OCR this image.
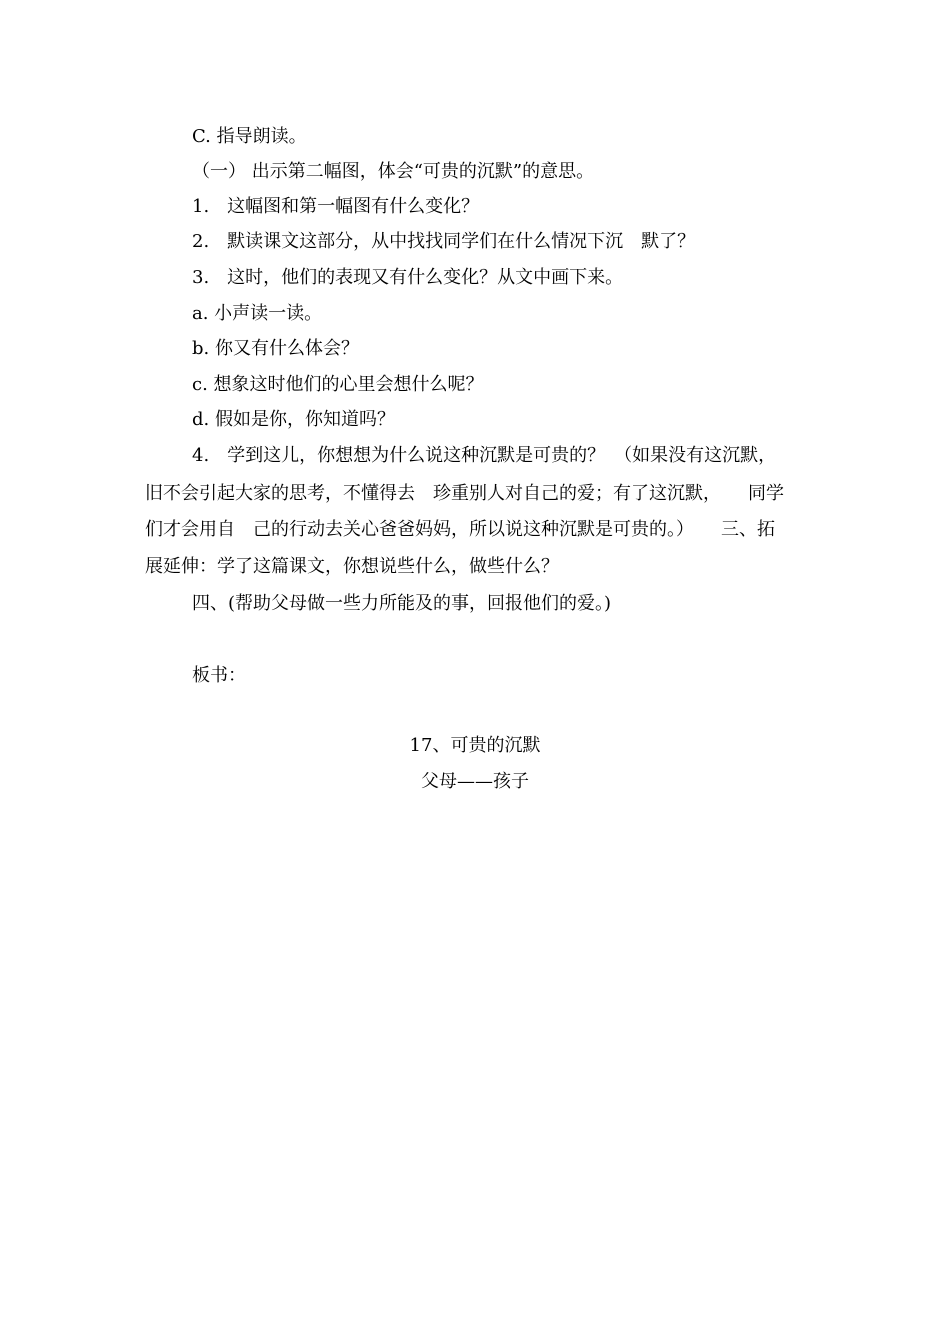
C. 指导朗读。
（一） 出示第二幅图，体会“可贵的沉默”的意思。
1.　这幅图和第一幅图有什么变化？
2.　默读课文这部分，从中找找同学们在什么情况下沉　默了？
3.　这时，他们的表现又有什么变化？从文中画下来。
a. 小声读一读。
b. 你又有什么体会？
c. 想象这时他们的心里会想什么呢？
d. 假如是你，你知道吗？
4.　学到这儿，你想想为什么说这种沉默是可贵的？　（如果没有这沉默，
旧不会引起大家的思考，不懂得去　珍重别人对自己的爱；有了这沉默，　　同学
们才会用自　己的行动去关心爸爸妈妈，所以说这种沉默是可贵的。）　　三、拓
展延伸：学了这篇课文，你想说些什么，做些什么？
四、(帮助父母做一些力所能及的事，回报他们的爱。)
板书：
17、可贵的沉默
父母——孩子
